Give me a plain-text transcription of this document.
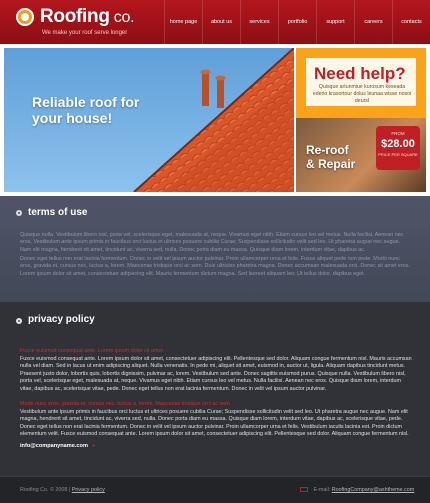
Roofing co.
We make your roof serve longer
home page	about us	services	portfolio	support	careers	contacts
Reliable roof for
your house!
Need help?
Quisque artunmiue kurosum keseada ederio krasortour dolus leunaa wisse nosoi deursl
Re-roof
& Repair
FROM
$28.00
PRICE PER SQUARE
terms of use
Quisque nulla. Vestibulum libero nisl, porta vel, scelerisque eget, malesuada at, neque. Vivamus eget nibh. Etiam cursus leo vel metus. Nulla facilisi. Aenean nec eros. Vestibulum ante ipsum primis in faucibus orci luctus et ultrices posuere cubilia Curae; Suspendisse sollicitudin velit sed leo. Ut pharetra augue nec augue. Nam elit magna, hendrerit sit amet, tincidunt ac, viverra sed, nulla. Donec porta diam eu massa. Quisque diam lorem, interdum vitae, dapibus ac.
Donec eget tellus non erat lacinia fermentum. Donec in velit vel ipsum auctor pulvinar. Proin ullamcorper urna et felis. Fusce aliquet pede non pede. Morbi nunc eros, gravida et, cursus nec, luctus a, lorem. Maecenas tristique orci ac sem. Duis ultricies pharetra magna. Donec accumsan malesuada orci. Donec sit amet eros. Lorem ipsum dolor sit amet, consectetuer adipiscing elit. Mauris fermentum dictum magna. Sed laoreet aliquam leo. Ut tellus dolor, dapibus eget.
privacy policy
Fusce euismod consequat ante. Lorem ipsum dolor sit amet
Fusce euismod consequat ante. Lorem ipsum dolor sit amet, consectetuer adipiscing elit. Pellentesque sed dolor. Aliquam congue fermentum nisl. Mauris accumsan nulla vel diam. Sed in lacus ut enim adipiscing aliquet. Nulla venenatis. In pede mi, aliquet sit amet, euismod in, auctor ut, ligula. Aliquam dapibus tincidunt metus. Praesent justo dolor, lobortis quis, lobortis dignissim, pulvinar ac, lorem. Vestibulum sed ante. Donec sagittis euismod purus. Quisque nulla. Vestibulum libero nisl, porta vel, scelerisque eget, malesuada at, neque. Vivamus eget nibh. Etiam cursus leo vel metus. Nulla facilisi. Aenean nec eros. Quisque diam lorem, interdum vitae, dapibus ac, scelerisque vitae, pede. Donec eget tellus non erat lacinia fermentum. Donec in velit vel ipsum auctor pulvinar.
Morbi nunc eros, gravida et, cursus nec, luctus a, lorem. Maecenas tristique orci ac sem
Vestibulum ante ipsum primis in faucibus orci luctus et ultrices posuere cubilia Curae; Suspendisse sollicitudin velit sed leo. Ut pharetra augue nec augue. Nam elit magna, hendrerit sit amet, tincidunt ac, viverra sed, nulla. Donec porta diam eu massa. Quisque diam lorem, interdum vitae, dapibus ac, scelerisque vitae, pede. Donec eget tellus non erat lacinia fermentum. Donec in velit vel ipsum auctor pulvinar. Proin ullamcorper urna et felis. Vestibulum iaculis lacinia est. Proin dictum elementum velit. Fusce euismod consequat ante. Lorem ipsum dolor sit amet, consectetuer adipiscing elit. Pellentesque sed dolor. Aliquam congue fermentum nisl.
info@companyname.com »
Roofing Co. © 2008 | Privacy policy	E-mail: RoofingCompany@ashtheme.com
